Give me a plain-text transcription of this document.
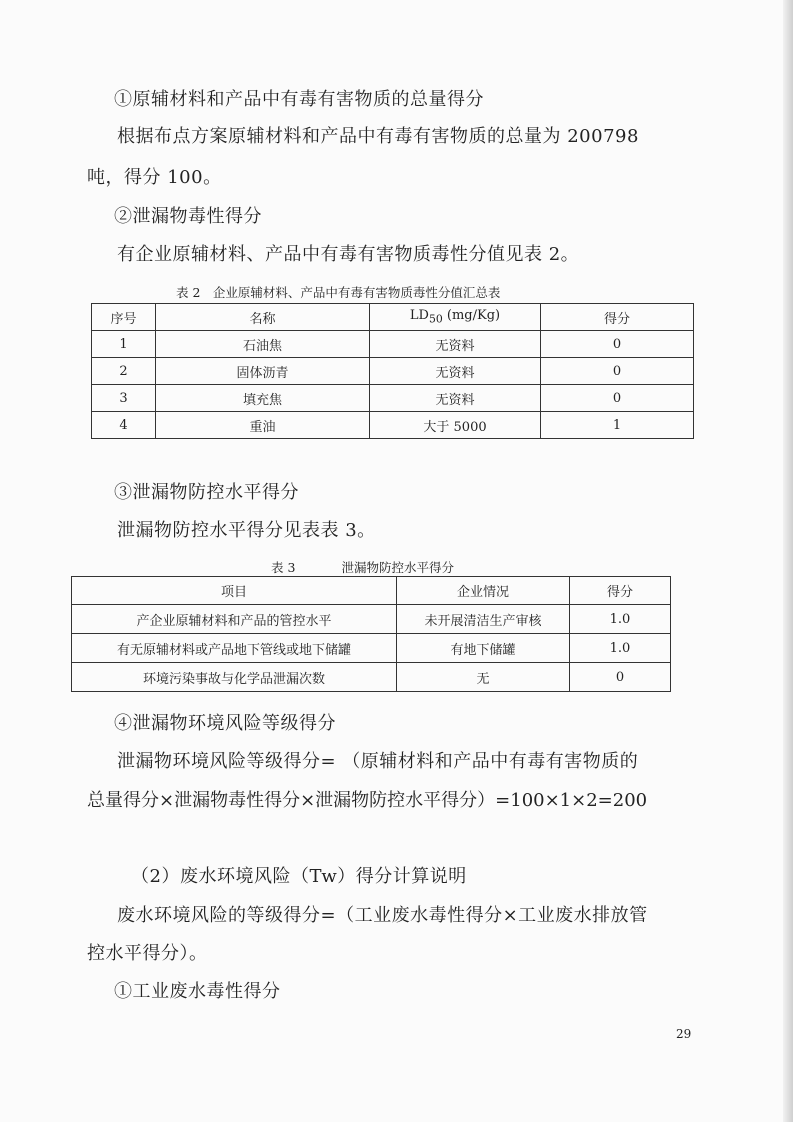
①原辅材料和产品中有毒有害物质的总量得分
根据布点方案原辅材料和产品中有毒有害物质的总量为 200798
吨，得分 100。
②泄漏物毒性得分
有企业原辅材料、产品中有毒有害物质毒性分值见表 2。
表 2　企业原辅材料、产品中有毒有害物质毒性分值汇总表
序号	名称	$LD_{50}$ (mg/Kg)	得分
1	石油焦	无资料	0
2	固体沥青	无资料	0
3	填充焦	无资料	0
4	重油	大于 5000	1
③泄漏物防控水平得分
泄漏物防控水平得分见表表 3。
表 3	泄漏物防控水平得分
项目	企业情况	得分
产企业原辅材料和产品的管控水平	未开展清洁生产审核	1.0
有无原辅材料或产品地下管线或地下储罐	有地下储罐	1.0
环境污染事故与化学品泄漏次数	无	0
④泄漏物环境风险等级得分
泄漏物环境风险等级得分= （原辅材料和产品中有毒有害物质的
总量得分×泄漏物毒性得分×泄漏物防控水平得分）=100×1×2=200
（2）废水环境风险（Tw）得分计算说明
废水环境风险的等级得分=（工业废水毒性得分×工业废水排放管
控水平得分）。
①工业废水毒性得分
29
